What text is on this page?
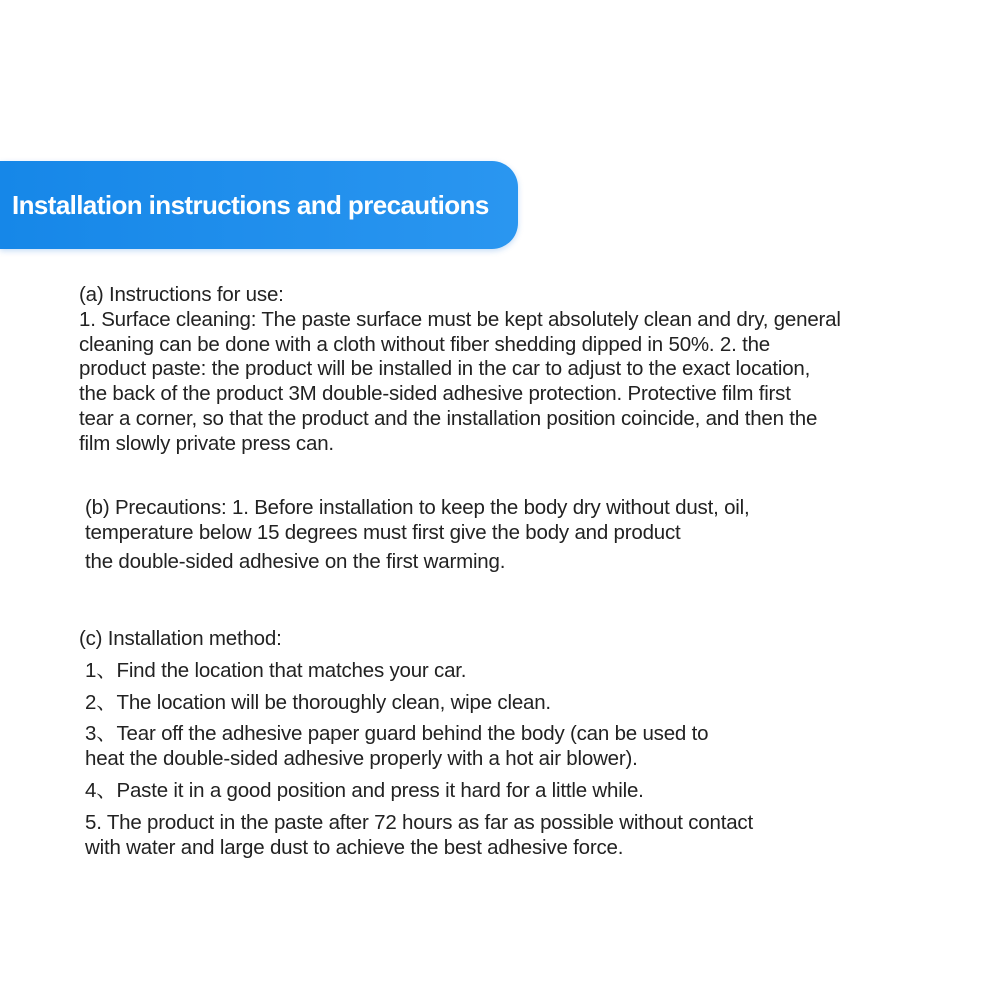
Installation instructions and precautions

(a) Instructions for use:

1. Surface cleaning: The paste surface must be kept absolutely clean and dry, general

cleaning can be done with a cloth without fiber shedding dipped in 50%. 2. the

product paste: the product will be installed in the car to adjust to the exact location,

the back of the product 3M double-sided adhesive protection. Protective film first

tear a corner, so that the product and the installation position coincide, and then the

film slowly private press can.

(b) Precautions: 1. Before installation to keep the body dry without dust, oil,

temperature below 15 degrees must first give the body and product

the double-sided adhesive on the first warming.

(c) Installation method:

1、Find the location that matches your car.

2、The location will be thoroughly clean, wipe clean.

3、Tear off the adhesive paper guard behind the body (can be used to

heat the double-sided adhesive properly with a hot air blower).

4、Paste it in a good position and press it hard for a little while.

5. The product in the paste after 72 hours as far as possible without contact

with water and large dust to achieve the best adhesive force.
